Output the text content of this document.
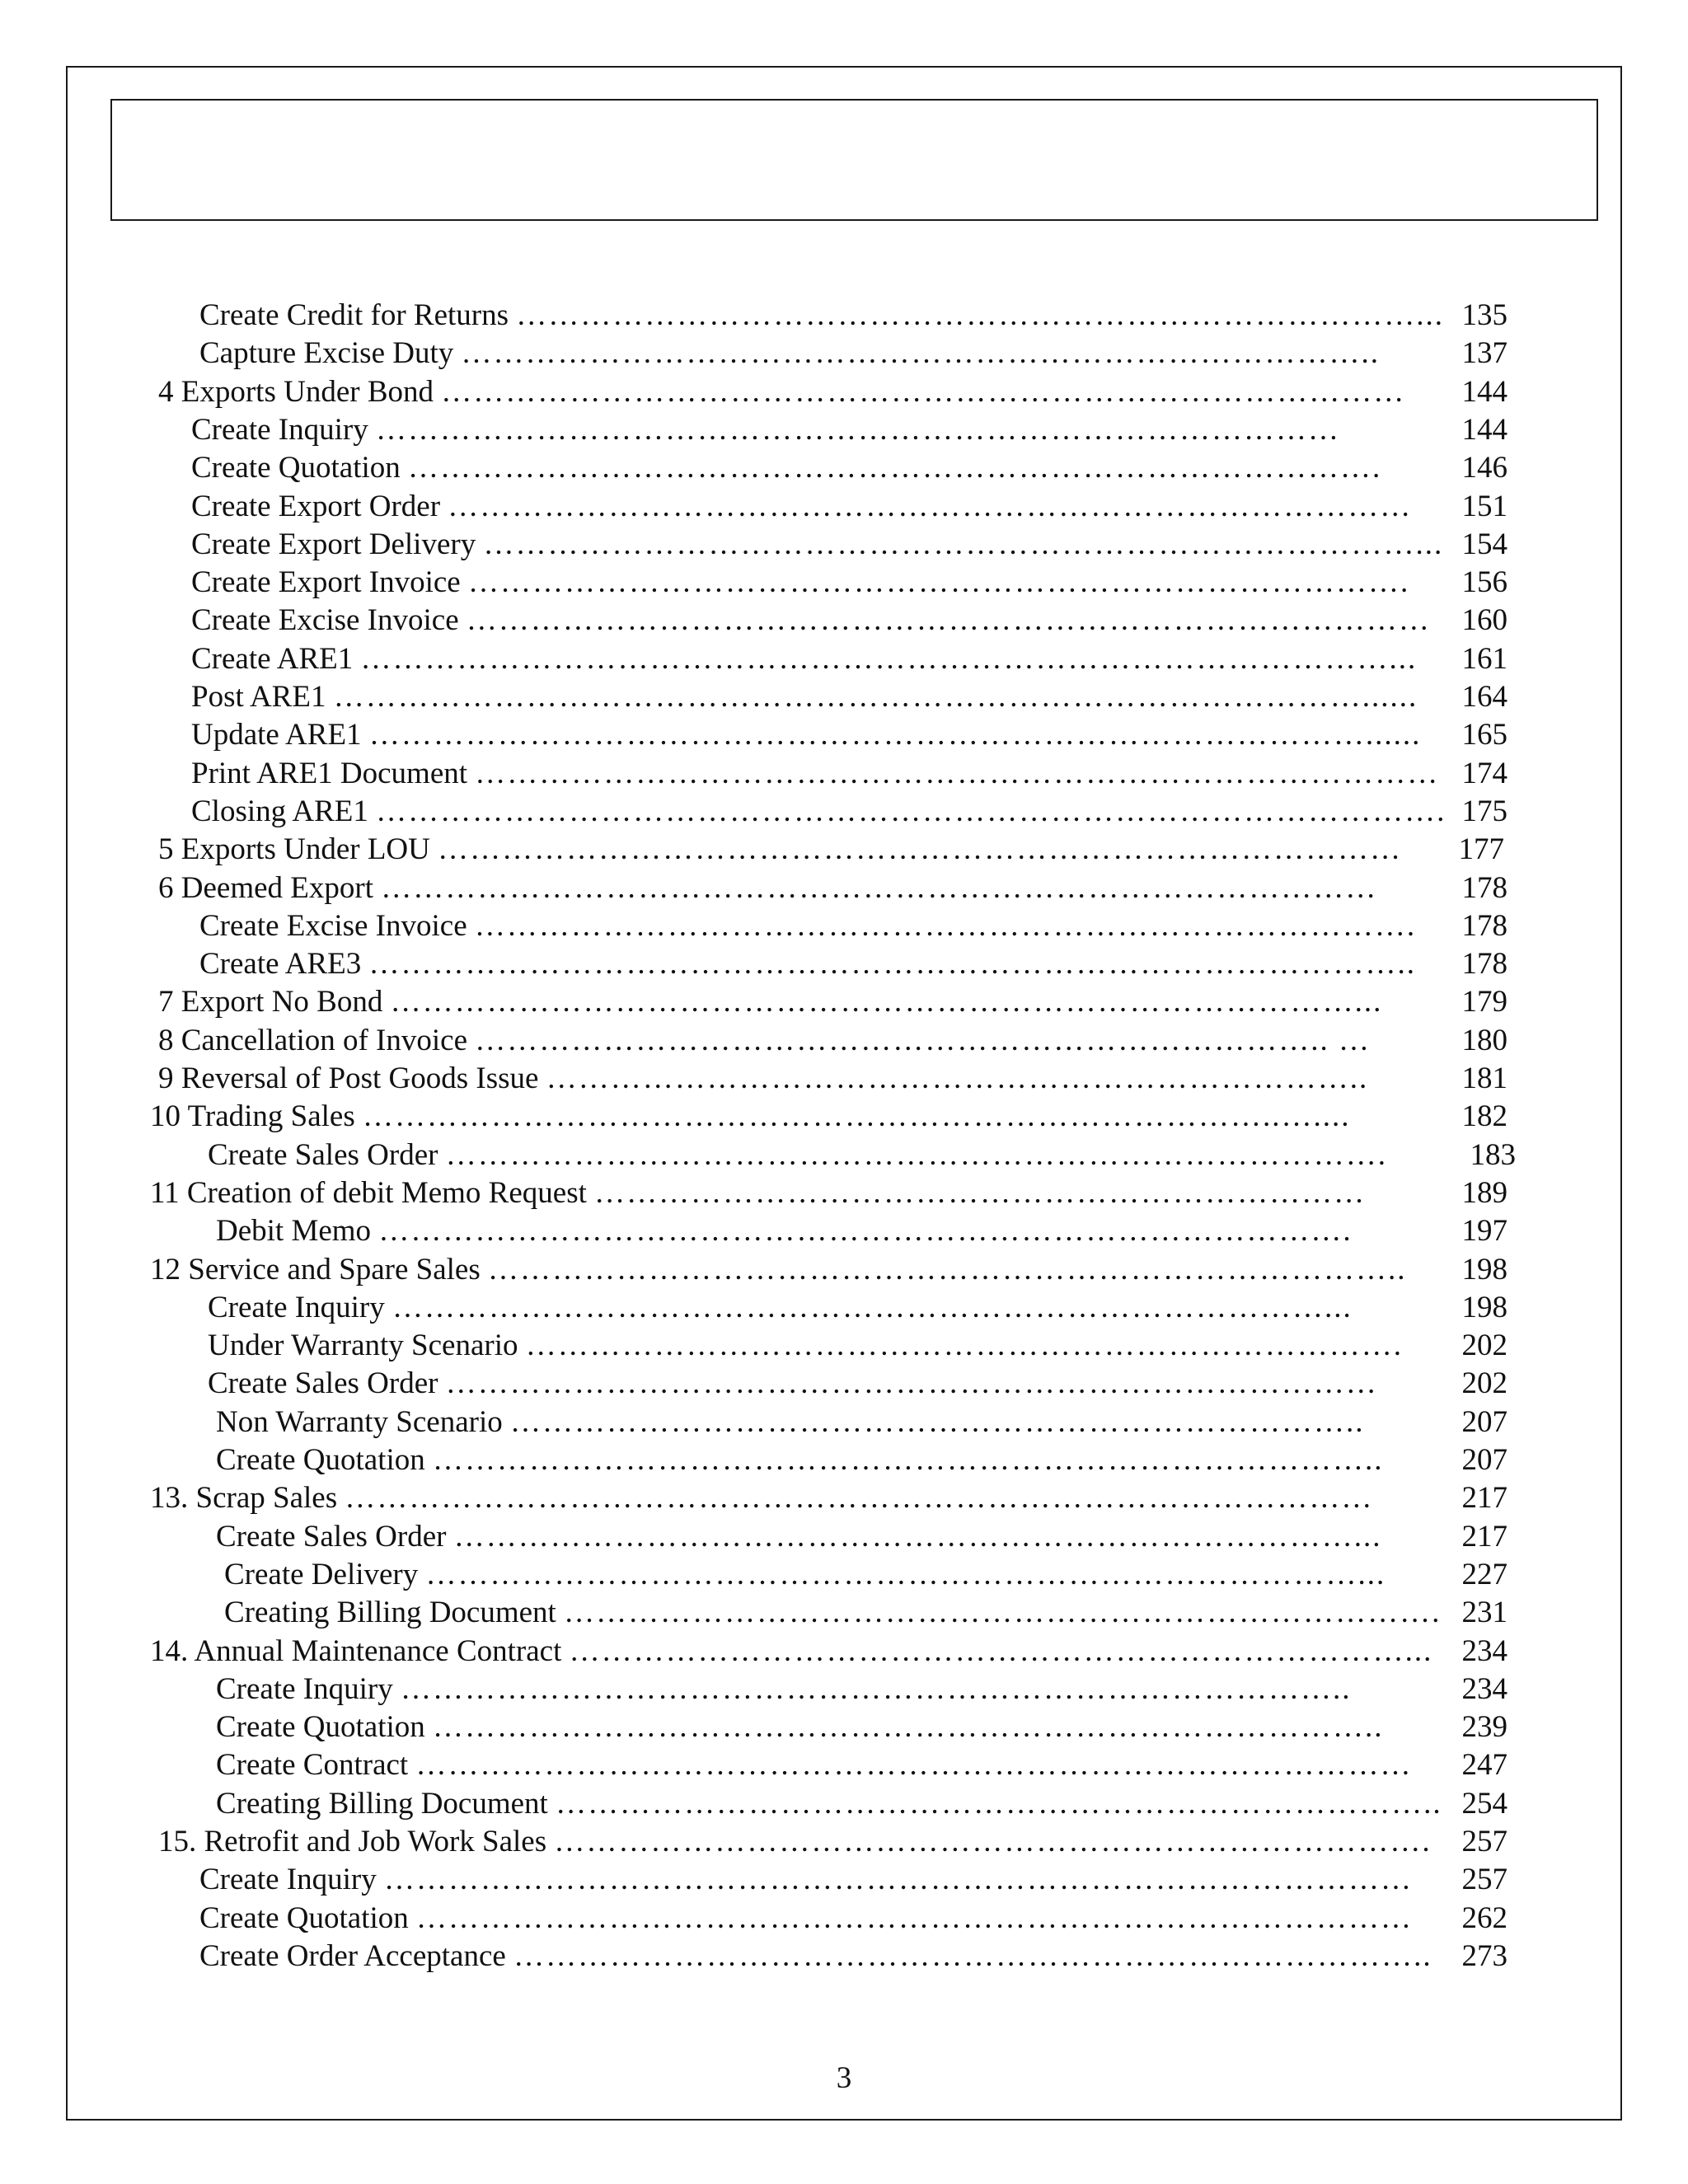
Create Credit for Returns …………………………………………………………………………... 135
Capture Excise Duty …………………………………………………………………………..	137
4 Exports Under Bond ……………………………………………………………………………… 144
Create Inquiry ………………………………………………………………………………	144
Create Quotation ……………………………………………………………………………….	146
Create Export Order ……………………………………………………………………………… 151
Create Export Delivery ……………………………………………………………………………... 154
Create Export Invoice ……………………………………………………………………………. 156
Create Excise Invoice ……………………………………………………………………………… 160
Create ARE1 ……………………………………………………………………………………... 161
Post ARE1 ……………………………………………………………………………………...... 164
Update ARE1 …………………………………………………………………………………...... 165
Print ARE1 Document ……………………………………………………………………………… 174
Closing ARE1 ………………………………………………………………………………………. 175
5 Exports Under LOU ……………………………………………………………………………… 177
6 Deemed Export …………………………………………………………………………………	178
Create Excise Invoice ……………………………………………………………………………. 178
Create ARE3 …………………………………………………………………………………….. 178
7 Export No Bond ………………………………………………………………………………...	179
8 Cancellation of Invoice …………………………………………………………………….. …	180
9 Reversal of Post Goods Issue …………………………………………………………………..	181
10 Trading Sales …………………………………………………………………………..…....	182
Create Sales Order …………………………………………………………………………….	183
11 Creation of debit Memo Request ………………………………………………………………	189
Debit Memo ……………………………………………………………………………….	197
12 Service and Spare Sales ………………………………………………………………………….. 198
Create Inquiry ……………………………………………………………………………...	198
Under Warranty Scenario ………………………………………………………………………. 202
Create Sales Order ……………………………………………………………………………	202
Non Warranty Scenario ……………………………………………………………………..	207
Create Quotation ……………………………………………………………………………..	207
13. Scrap Sales ……………………………………………………………………………………	217
Create Sales Order …………………………………………………………………………...	217
Create Delivery ……………………………………………………………………………... 227
Creating Billing Document ………………………………………………………………………. 231
14. Annual Maintenance Contract ……………………………………………………………………... 234
Create Inquiry ……………………………………………………………………………..	234
Create Quotation ……………………………………………………………………………..	239
Create Contract ………………………………………………………………………………… 247
Creating Billing Document ……………………………………………………………………….. 254
15. Retrofit and Job Work Sales ………………………………………………………………………. 257
Create Inquiry …………………………………………………………………………………… 257
Create Quotation ………………………………………………………………………………… 262
Create Order Acceptance ………………………………………………………………………….. 273
3
